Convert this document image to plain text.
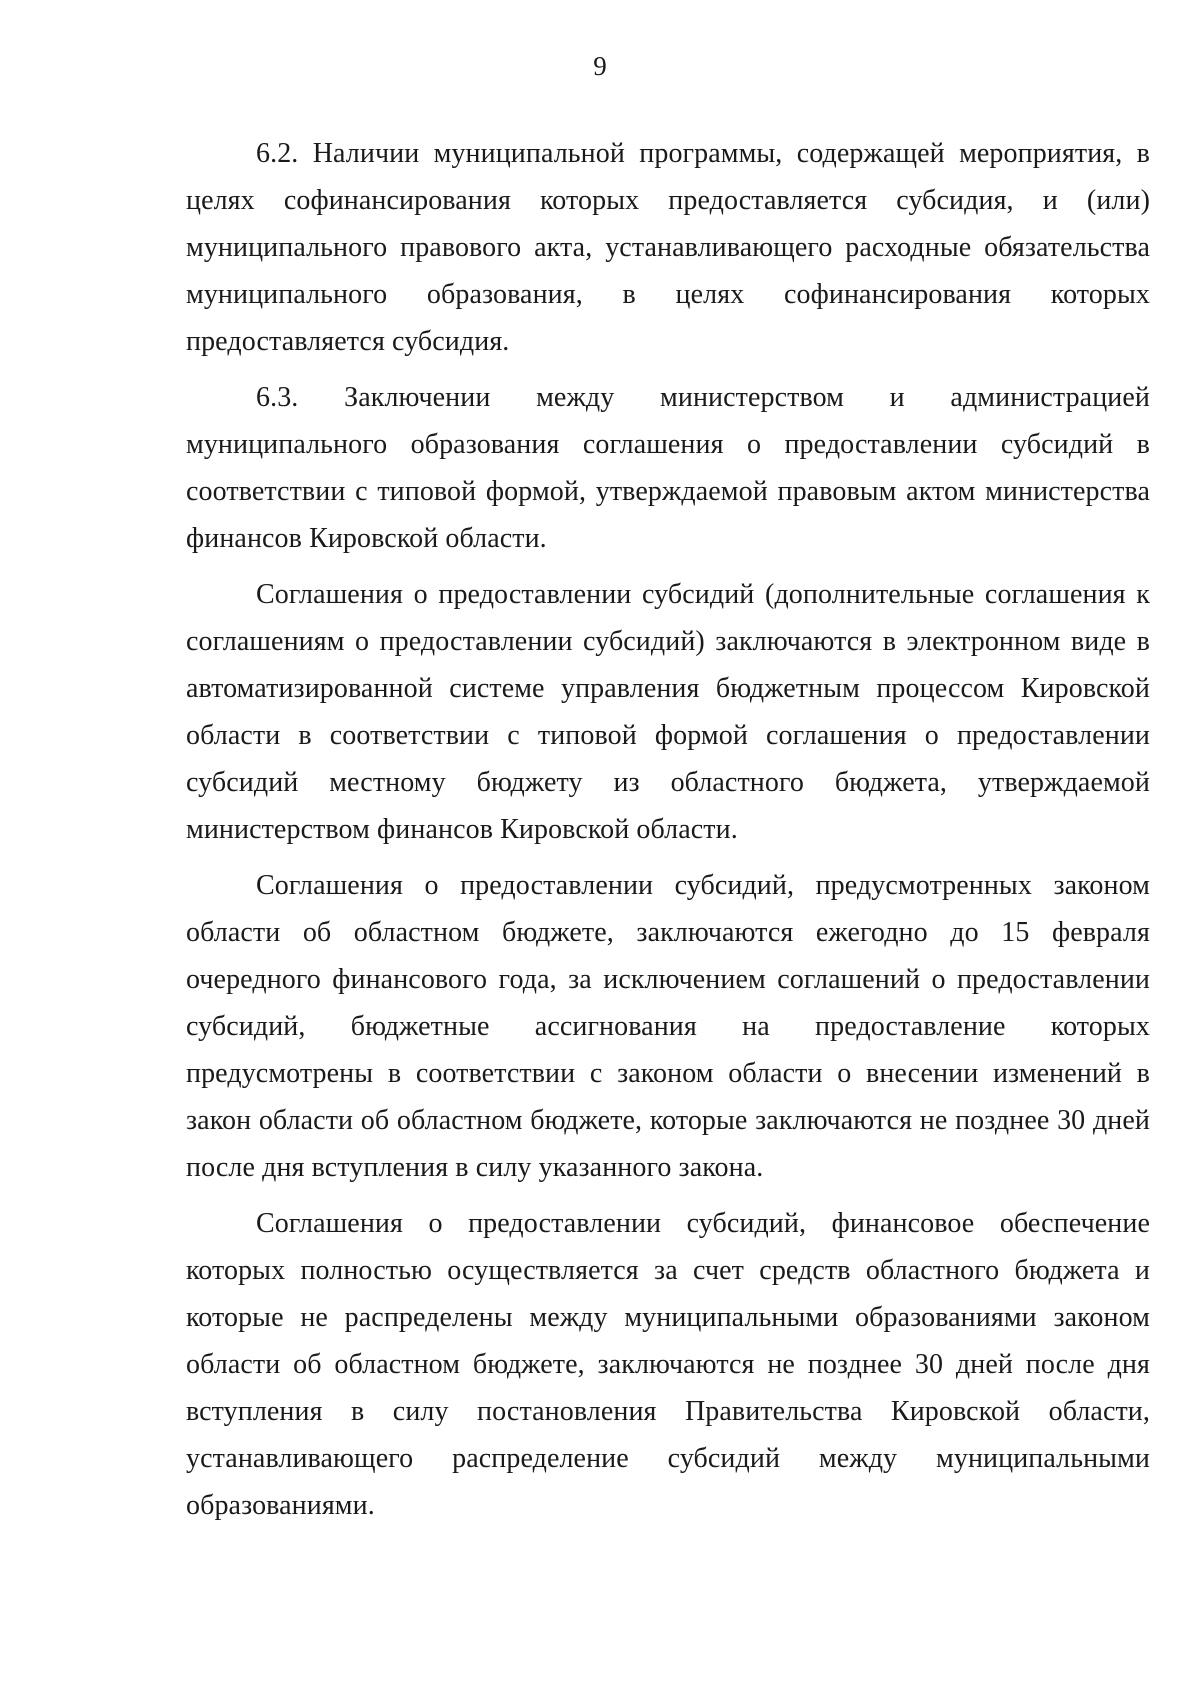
9

6.2. Наличии муниципальной программы, содержащей мероприятия, в целях софинансирования которых предоставляется субсидия, и (или) муниципального правового акта, устанавливающего расходные обязательства муниципального образования, в целях софинансирования которых предоставляется субсидия.

6.3. Заключении между министерством и администрацией муниципального образования соглашения о предоставлении субсидий в соответствии с типовой формой, утверждаемой правовым актом министерства финансов Кировской области.

Соглашения о предоставлении субсидий (дополнительные соглашения к соглашениям о предоставлении субсидий) заключаются в электронном виде в автоматизированной системе управления бюджетным процессом Кировской области в соответствии с типовой формой соглашения о предоставлении субсидий местному бюджету из областного бюджета, утверждаемой министерством финансов Кировской области.

Соглашения о предоставлении субсидий, предусмотренных законом области об областном бюджете, заключаются ежегодно до 15 февраля очередного финансового года, за исключением соглашений о предоставлении субсидий, бюджетные ассигнования на предоставление которых предусмотрены в соответствии с законом области о внесении изменений в закон области об областном бюджете, которые заключаются не позднее 30 дней после дня вступления в силу указанного закона.

Соглашения о предоставлении субсидий, финансовое обеспечение которых полностью осуществляется за счет средств областного бюджета и которые не распределены между муниципальными образованиями законом области об областном бюджете, заключаются не позднее 30 дней после дня вступления в силу постановления Правительства Кировской области, устанавливающего распределение субсидий между муниципальными образованиями.
